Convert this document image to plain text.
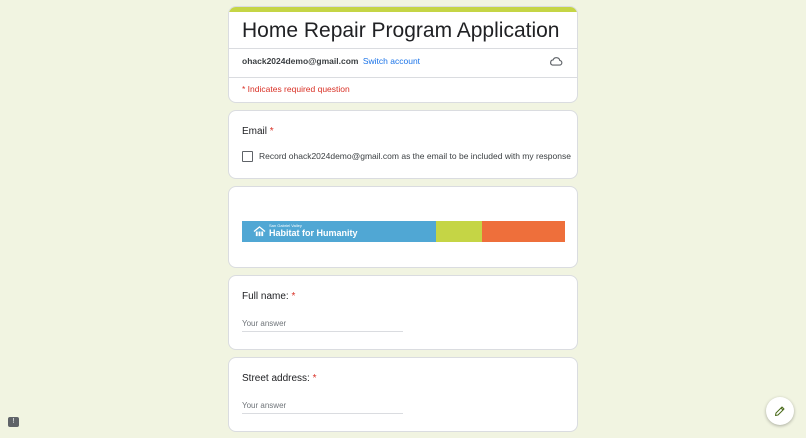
Home Repair Program Application
ohack2024demo@gmail.com Switch account
* Indicates required question
Email *
Record ohack2024demo@gmail.com as the email to be included with my response
San Gabriel Valley
Habitat for Humanity
Full name: *
Your answer
Street address: *
Your answer
!
